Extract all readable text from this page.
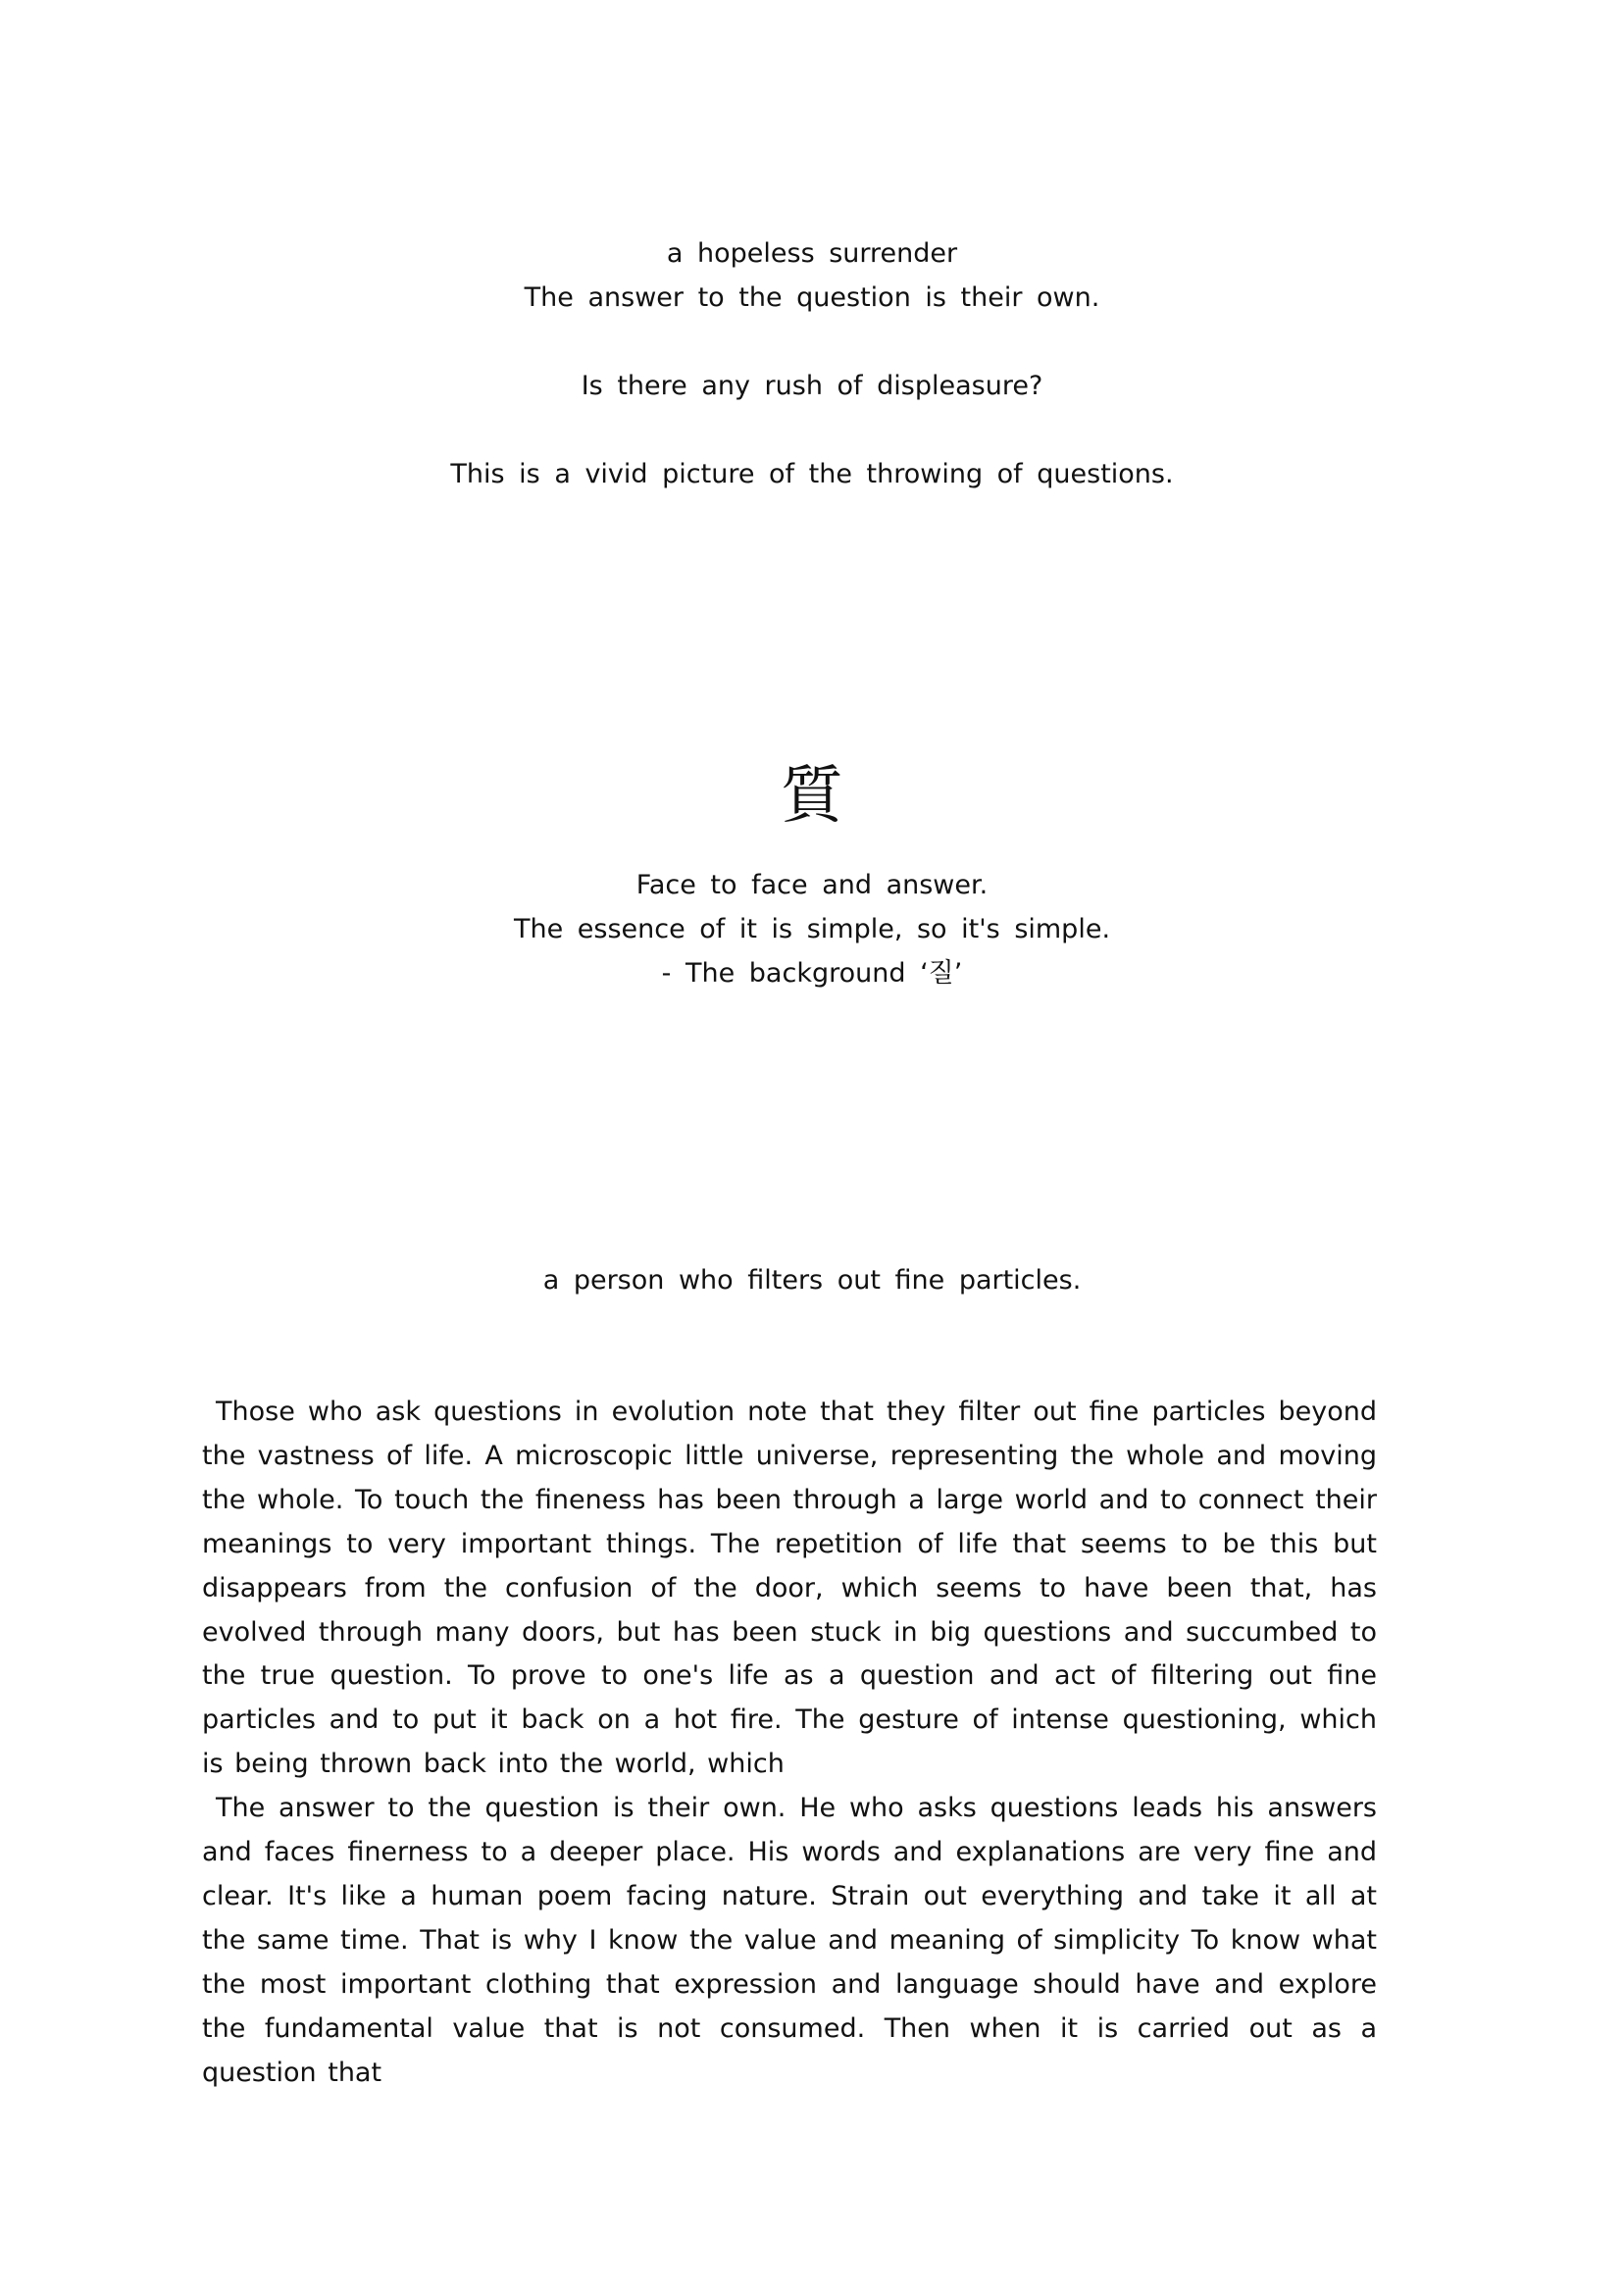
a hopeless surrender
The answer to the question is their own.
Is there any rush of displeasure?
This is a vivid picture of the throwing of questions.
質
Face to face and answer.
The essence of it is simple, so it's simple.
- The background ‘질’
a person who filters out fine particles.

Those who ask questions in evolution note that they filter out fine particles beyond the vastness of life. A microscopic little universe, representing the whole and moving the whole. To touch the fineness has been through a large world and to connect their meanings to very important things. The repetition of life that seems to be this but disappears from the confusion of the door, which seems to have been that, has evolved through many doors, but has been stuck in big questions and succumbed to the true question. To prove to one's life as a question and act of filtering out fine particles and to put it back on a hot fire. The gesture of intense questioning, which is being thrown back into the world, which

The answer to the question is their own. He who asks questions leads his answers and faces finerness to a deeper place. His words and explanations are very fine and clear. It's like a human poem facing nature. Strain out everything and take it all at the same time. That is why I know the value and meaning of simplicity To know what the most important clothing that expression and language should have and explore the fundamental value that is not consumed. Then when it is carried out as a question that
